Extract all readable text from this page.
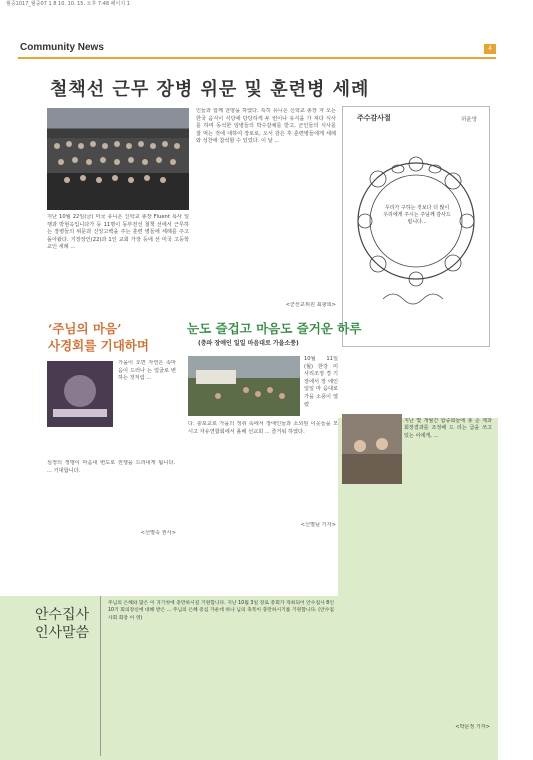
월중1017_월중07 1 8 10. 10. 15. 오후 7:48 페이지 1
Community News	4
철책선 근무 장병 위문 및 훈련병 세례
지난 10월 22일(금) 미국 유니온 신학교 총장 Fluent 목사 일행과 박현옥입니다가 등 11명이 동부전선 철책 선에서 근무하는 장병들의 위문과 신앙고백을 주는 훈련 병들에 세례를 주고 돌아왔다. 기장장인(22)과 1인 교회 가장 등에 선 미국 고등학교인 세례 ...
인들과 함께 찬양을 하였다. 특히 유니온 신학교 총장 자 오는 한국 음식이 식당에 당당하게 두 번이나 유식을 가 져다 식사를 하며 동석한 임병들의 박수갈채를 받고, 군인들의 식사를 잘 먹는 것에 대하여 장로로, 오서 감은 후 훈련병들에게 세례와 성찬에 참석할 수 있었다. 이 날 ...
<군선교위원 최광희>
주수감사절	허윤영
우리가 구하는 것보다 더 많이 우리에게 주시는 주님께 감사드립니다...
‘주님의 마음’
사경회를 기대하며
가을이 오면 자연은 속마 음이 드러나 는 얼굴로 변 하는 것처럼 ...
심정의 정맹이 마음내 변도로 전쟁을 드리내게 됩니다. ... 기대합니다.
<선별숙 권사>
눈도 즐겁고 마음도 즐거운 하루
(충파 장애인 일일 마음대로 가을소풍)
10월 11일 (월) 한강 미 사리조정 경 기장에서 장 애인 일일 마 음대로 가을 소풍이 열렸
다. 충포교로 가을의 정취 속에서 장애인들과 소외된 이웃들을 모시고 자유연합회에서 올해 선교회 ... 즐거워 하였다.
<신별님 기자>
지난 몇 개월간 함중회들에 총 준 제과 회장결과를 조정해 드 리는 급을 쓰고 있는 이에게, ...
<박문정 기자>
안수집사
인사말씀
주님의 은혜와 많은 이 귀기첫에 충만하시길 기원합니다. 지난 10월 3일 장로 총회가 개최되어 안수집사 8인 10기 회의장신에 대해 받은 ... 주님의 은혜 중심 가운데 하나 님의 축복이 충만하시기를 기원합니다. (안수집사회 회장 이 영)
